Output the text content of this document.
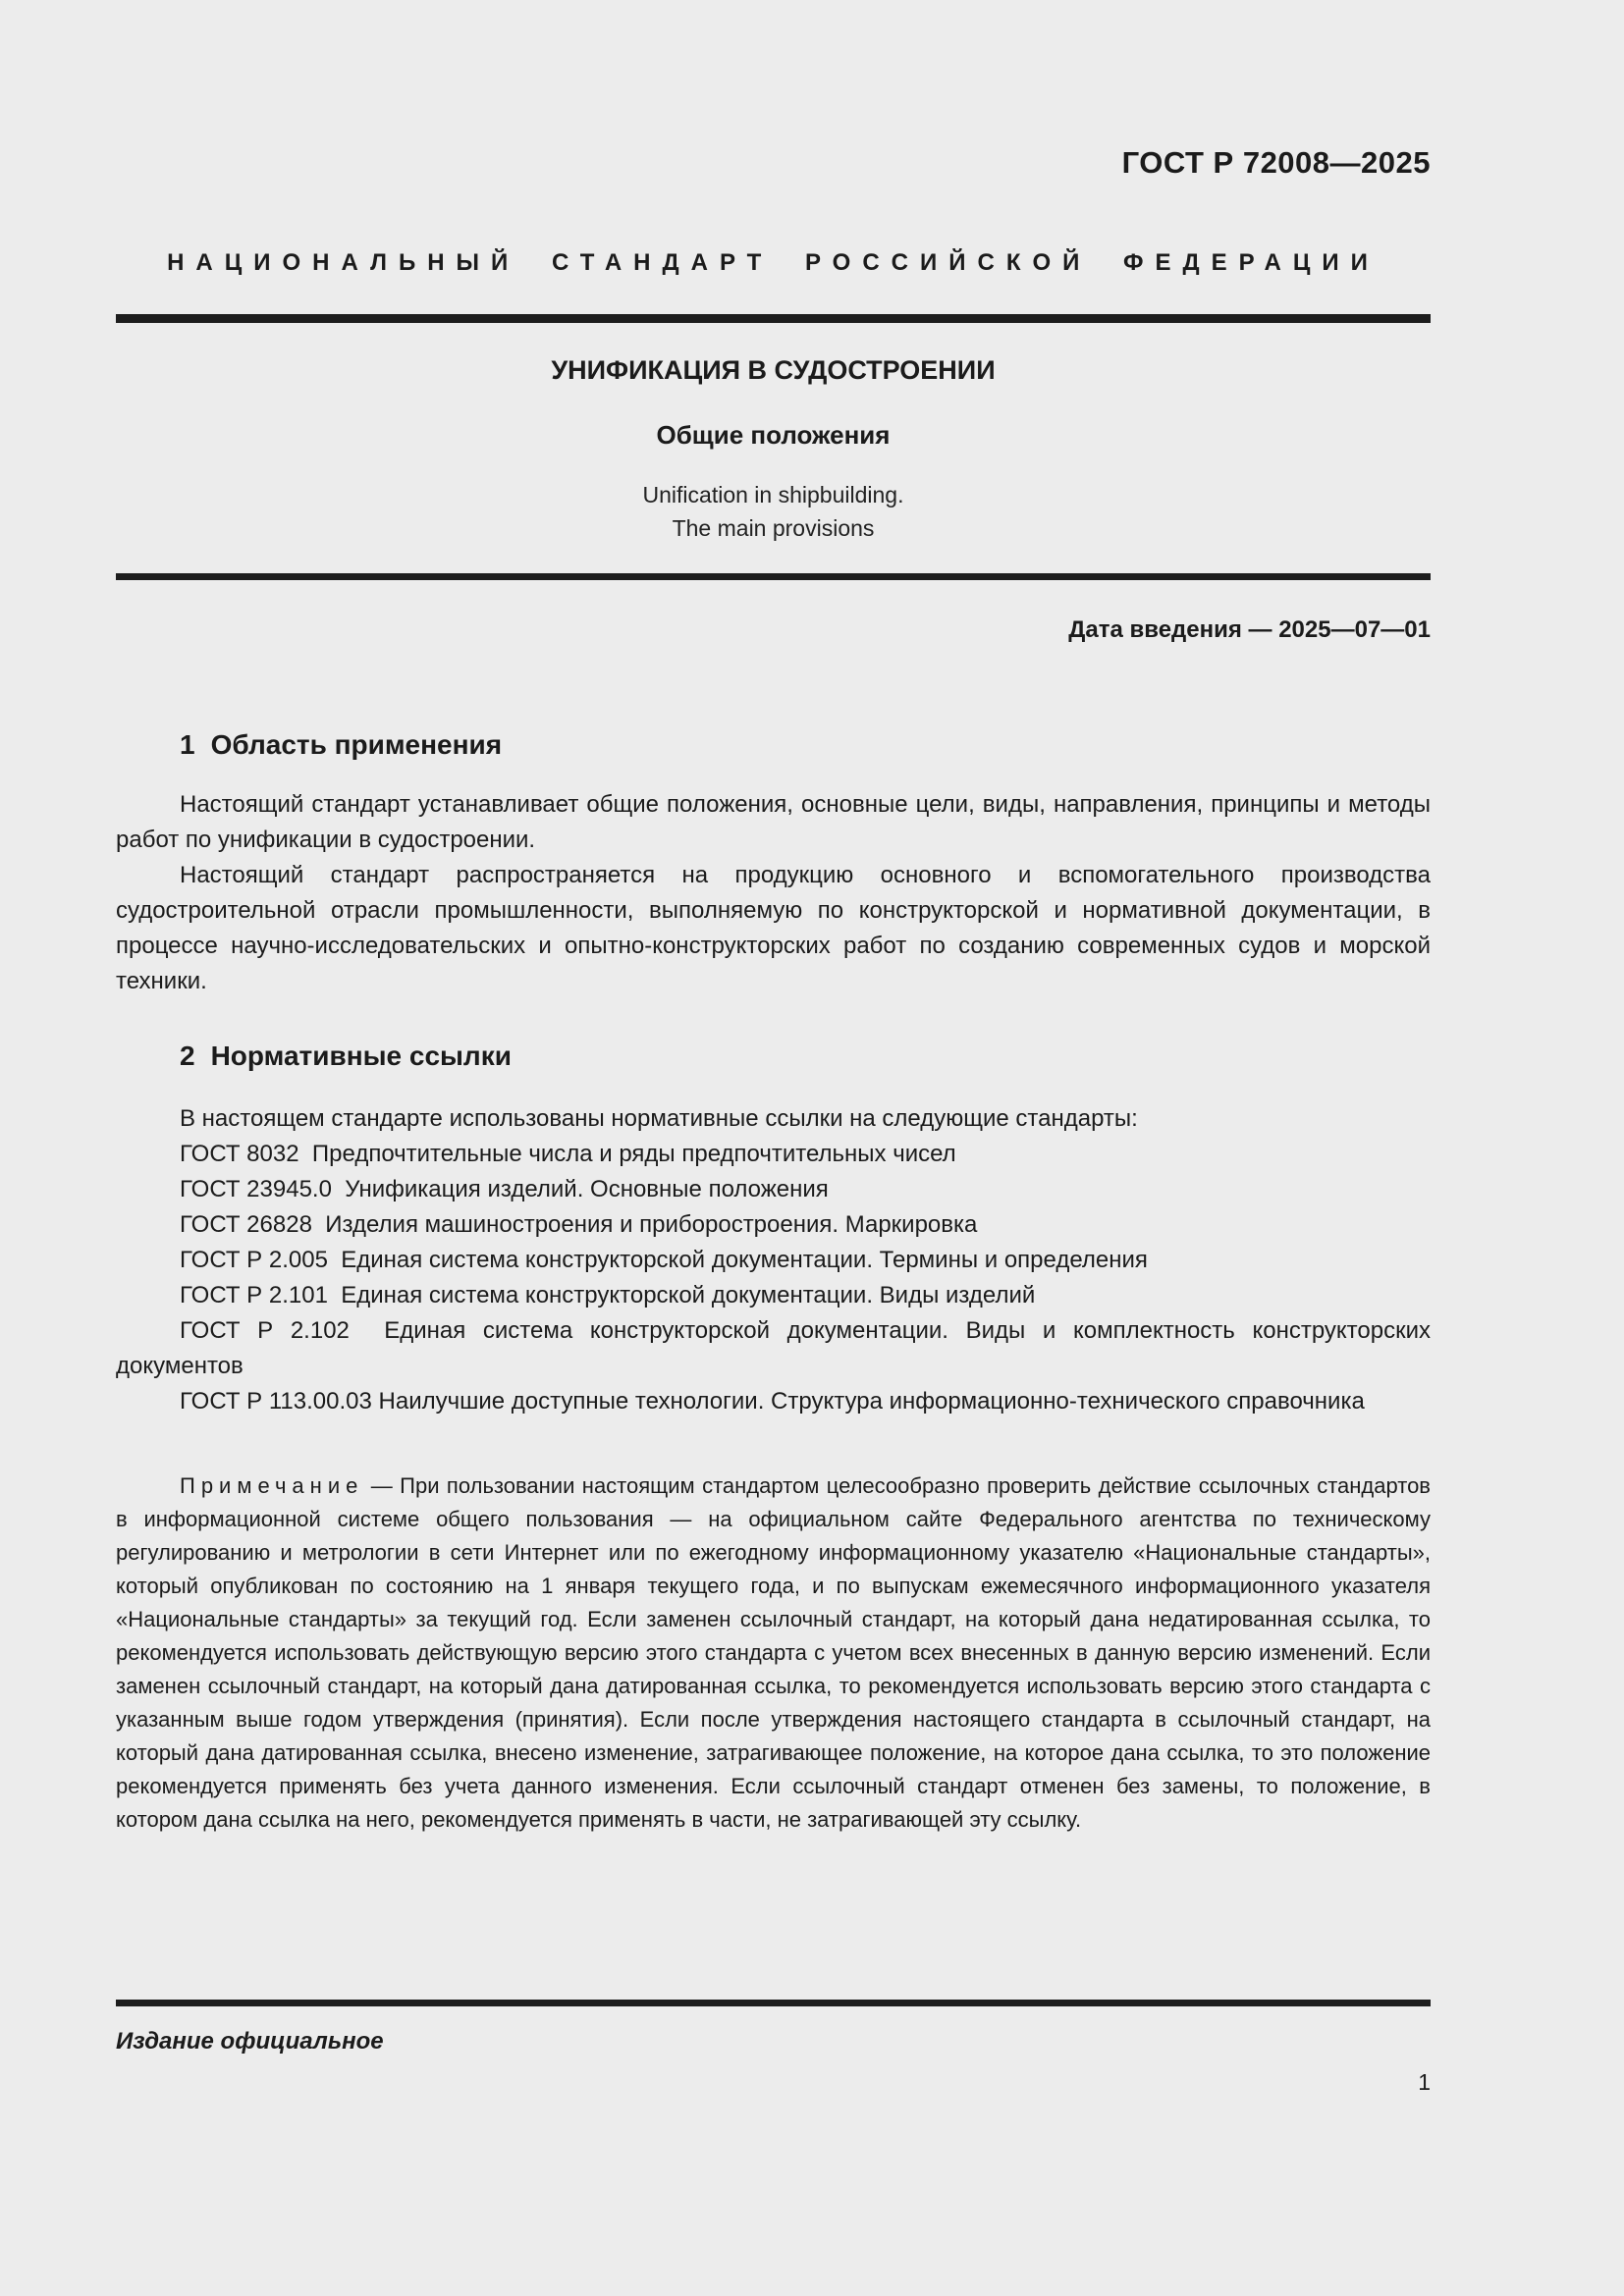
ГОСТ Р 72008—2025
НАЦИОНАЛЬНЫЙ СТАНДАРТ РОССИЙСКОЙ ФЕДЕРАЦИИ
УНИФИКАЦИЯ В СУДОСТРОЕНИИ
Общие положения
Unification in shipbuilding.
The main provisions
Дата введения — 2025—07—01
1 Область применения

Настоящий стандарт устанавливает общие положения, основные цели, виды, направления, принципы и методы работ по унификации в судостроении.

Настоящий стандарт распространяется на продукцию основного и вспомогательного производства судостроительной отрасли промышленности, выполняемую по конструкторской и нормативной документации, в процессе научно-исследовательских и опытно-конструкторских работ по созданию современных судов и морской техники.

2 Нормативные ссылки

В настоящем стандарте использованы нормативные ссылки на следующие стандарты:

ГОСТ 8032  Предпочтительные числа и ряды предпочтительных чисел

ГОСТ 23945.0  Унификация изделий. Основные положения

ГОСТ 26828  Изделия машиностроения и приборостроения. Маркировка

ГОСТ Р 2.005  Единая система конструкторской документации. Термины и определения

ГОСТ Р 2.101  Единая система конструкторской документации. Виды изделий

ГОСТ Р 2.102  Единая система конструкторской документации. Виды и комплектность конструкторских документов

ГОСТ Р 113.00.03 Наилучшие доступные технологии. Структура информационно-технического справочника

Примечание — При пользовании настоящим стандартом целесообразно проверить действие ссылочных стандартов в информационной системе общего пользования — на официальном сайте Федерального агентства по техническому регулированию и метрологии в сети Интернет или по ежегодному информационному указателю «Национальные стандарты», который опубликован по состоянию на 1 января текущего года, и по выпускам ежемесячного информационного указателя «Национальные стандарты» за текущий год. Если заменен ссылочный стандарт, на который дана недатированная ссылка, то рекомендуется использовать действующую версию этого стандарта с учетом всех внесенных в данную версию изменений. Если заменен ссылочный стандарт, на который дана датированная ссылка, то рекомендуется использовать версию этого стандарта с указанным выше годом утверждения (принятия). Если после утверждения настоящего стандарта в ссылочный стандарт, на который дана датированная ссылка, внесено изменение, затрагивающее положение, на которое дана ссылка, то это положение рекомендуется применять без учета данного изменения. Если ссылочный стандарт отменен без замены, то положение, в котором дана ссылка на него, рекомендуется применять в части, не затрагивающей эту ссылку.
Издание официальное
1
